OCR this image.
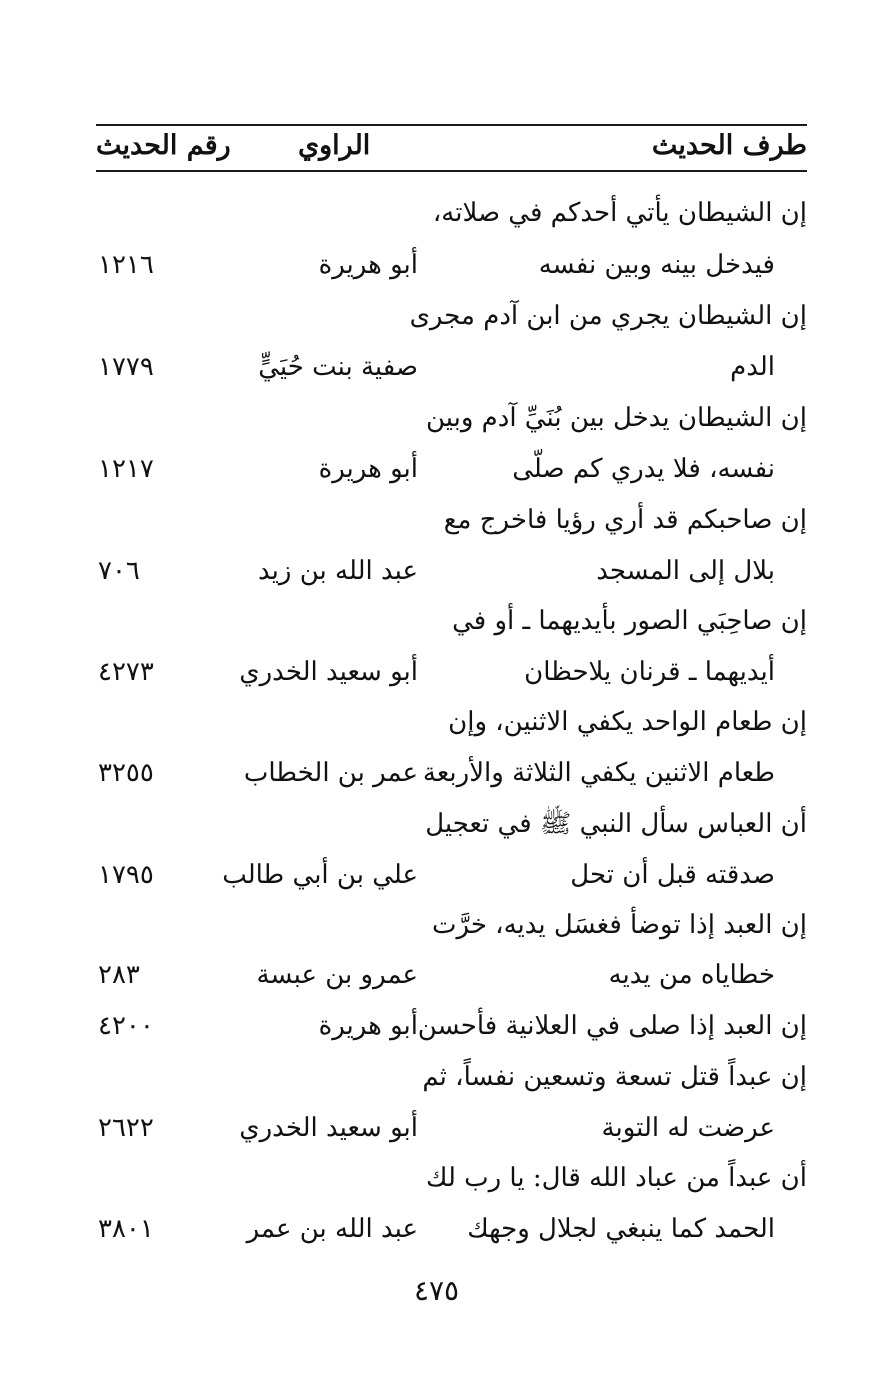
طرف الحديث
الراوي
رقم الحديث
إن الشيطان يأتي أحدكم في صلاته،
فيدخل بينه وبين نفسه
أبو هريرة
١٢١٦
إن الشيطان يجري من ابن آدم مجرى
الدم
صفية بنت حُيَيٍّ
١٧٧٩
إن الشيطان يدخل بين بُنَيِّ آدم وبين
نفسه، فلا يدري كم صلّى
أبو هريرة
١٢١٧
إن صاحبكم قد أري رؤيا فاخرج مع
بلال إلى المسجد
عبد الله بن زيد
٧٠٦
إن صاحِبَي الصور بأيديهما ـ أو في
أيديهما ـ قرنان يلاحظان
أبو سعيد الخدري
٤٢٧٣
إن طعام الواحد يكفي الاثنين، وإن
طعام الاثنين يكفي الثلاثة والأربعة
عمر بن الخطاب
٣٢٥٥
أن العباس سأل النبي ﷺ في تعجيل
صدقته قبل أن تحل
علي بن أبي طالب
١٧٩٥
إن العبد إذا توضأ فغسَل يديه، خرَّت
خطاياه من يديه
عمرو بن عبسة
٢٨٣
إن العبد إذا صلى في العلانية فأحسن
أبو هريرة
٤٢٠٠
إن عبداً قتل تسعة وتسعين نفساً، ثم
عرضت له التوبة
أبو سعيد الخدري
٢٦٢٢
أن عبداً من عباد الله قال: يا رب لك
الحمد كما ينبغي لجلال وجهك
عبد الله بن عمر
٣٨٠١
٤٧٥
